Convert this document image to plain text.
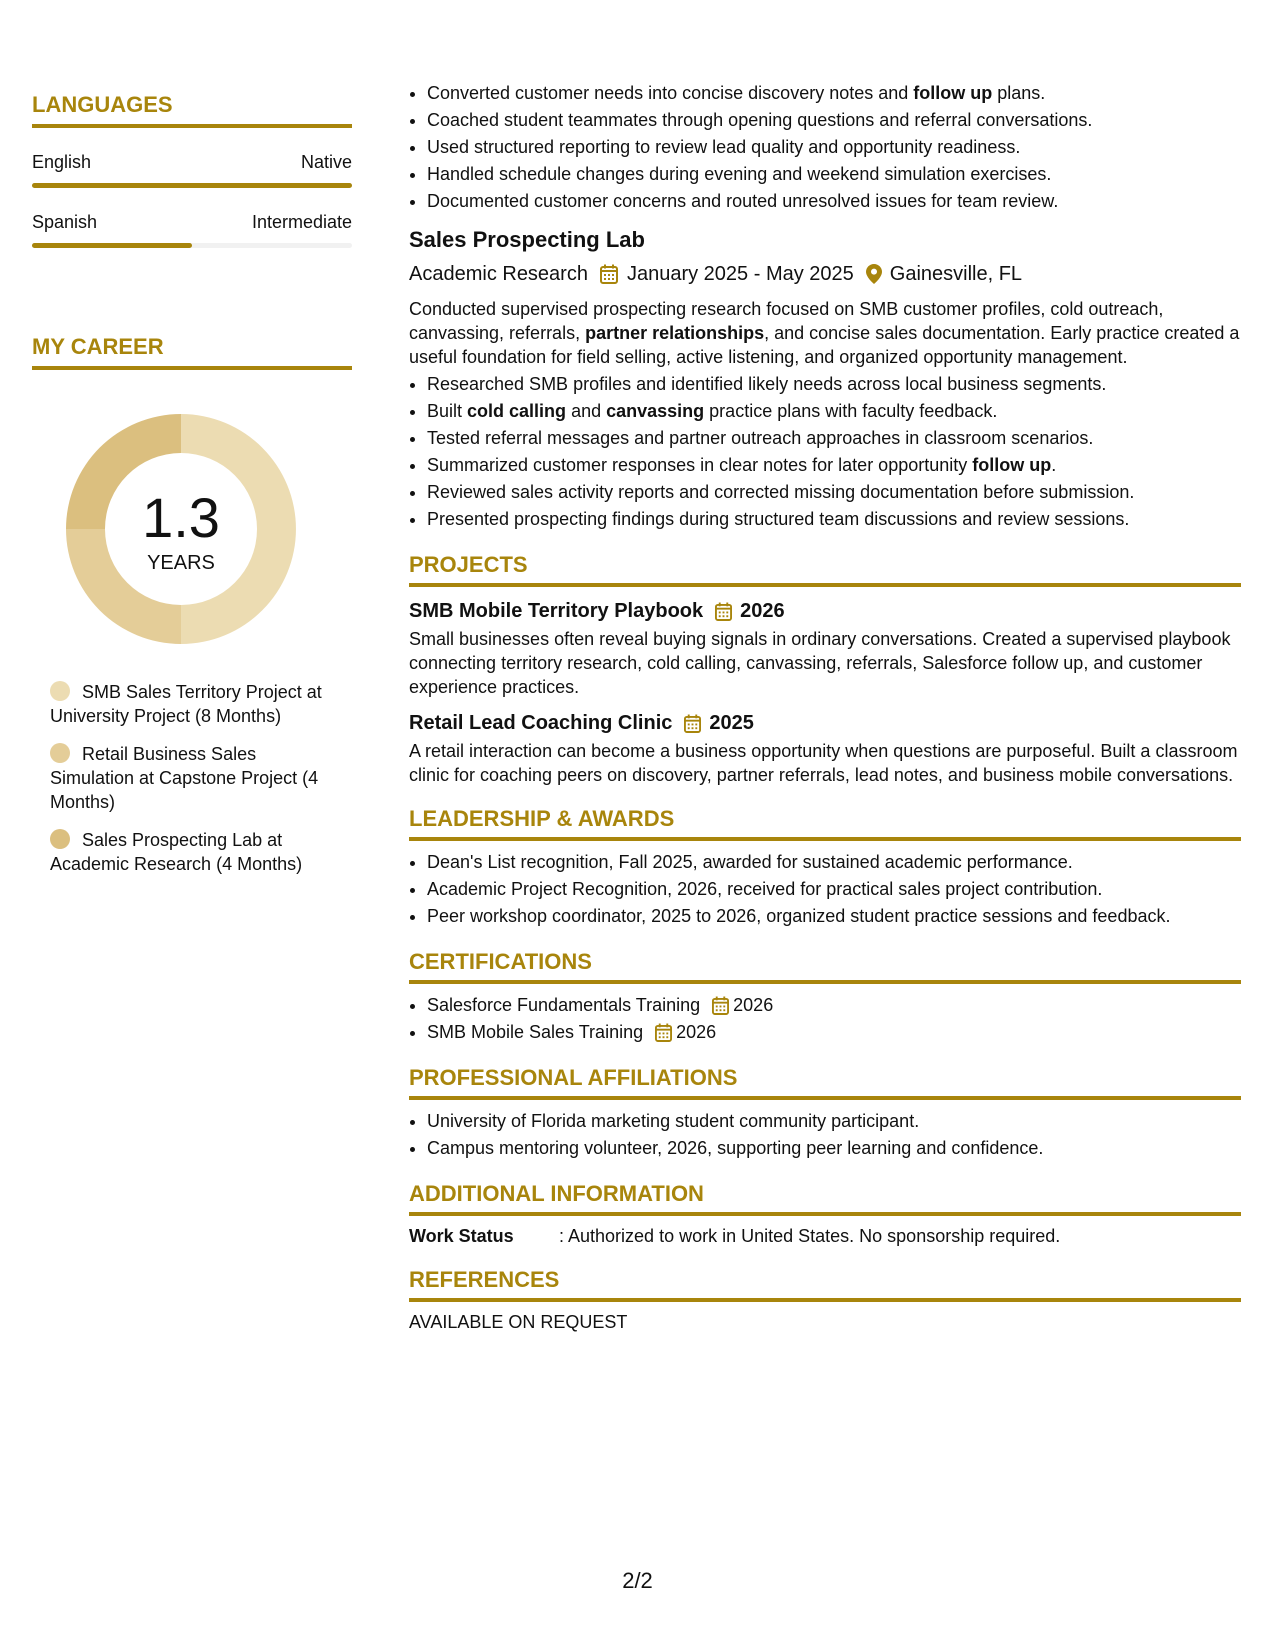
LANGUAGES
English	Native
Spanish	Intermediate
MY CAREER
1.3
YEARS
SMB Sales Territory Project at University Project (8 Months)
Retail Business Sales Simulation at Capstone Project (4 Months)
Sales Prospecting Lab at Academic Research (4 Months)
• Converted customer needs into concise discovery notes and follow up plans.
• Coached student teammates through opening questions and referral conversations.
• Used structured reporting to review lead quality and opportunity readiness.
• Handled schedule changes during evening and weekend simulation exercises.
• Documented customer concerns and routed unresolved issues for team review.
Sales Prospecting Lab
Academic Research January 2025 - May 2025 Gainesville, FL
Conducted supervised prospecting research focused on SMB customer profiles, cold outreach, canvassing, referrals, partner relationships, and concise sales documentation. Early practice created a useful foundation for field selling, active listening, and organized opportunity management.
• Researched SMB profiles and identified likely needs across local business segments.
• Built cold calling and canvassing practice plans with faculty feedback.
• Tested referral messages and partner outreach approaches in classroom scenarios.
• Summarized customer responses in clear notes for later opportunity follow up.
• Reviewed sales activity reports and corrected missing documentation before submission.
• Presented prospecting findings during structured team discussions and review sessions.
PROJECTS
SMB Mobile Territory Playbook 2026
Small businesses often reveal buying signals in ordinary conversations. Created a supervised playbook connecting territory research, cold calling, canvassing, referrals, Salesforce follow up, and customer experience practices.
Retail Lead Coaching Clinic 2025
A retail interaction can become a business opportunity when questions are purposeful. Built a classroom clinic for coaching peers on discovery, partner referrals, lead notes, and business mobile conversations.
LEADERSHIP & AWARDS
• Dean's List recognition, Fall 2025, awarded for sustained academic performance.
• Academic Project Recognition, 2026, received for practical sales project contribution.
• Peer workshop coordinator, 2025 to 2026, organized student practice sessions and feedback.
CERTIFICATIONS
• Salesforce Fundamentals Training 2026
• SMB Mobile Sales Training 2026
PROFESSIONAL AFFILIATIONS
• University of Florida marketing student community participant.
• Campus mentoring volunteer, 2026, supporting peer learning and confidence.
ADDITIONAL INFORMATION
Work Status	: Authorized to work in United States. No sponsorship required.
REFERENCES
AVAILABLE ON REQUEST
2/2
